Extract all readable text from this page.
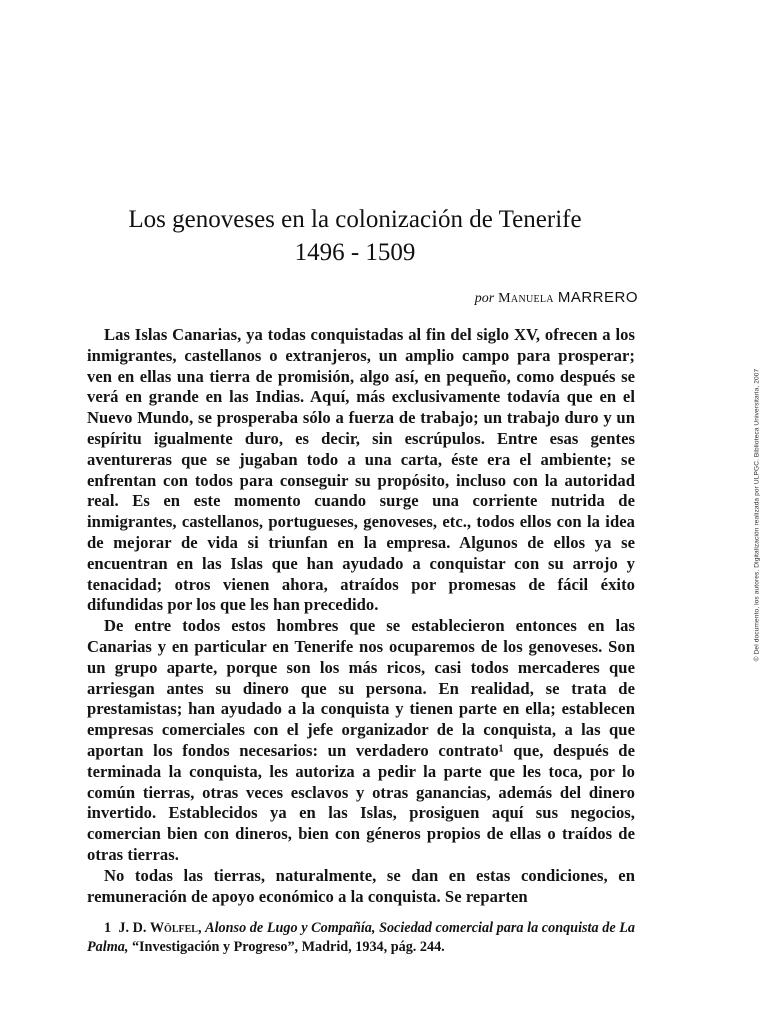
Los genoveses en la colonización de Tenerife
1496 - 1509
por Manuela MARRERO

Las Islas Canarias, ya todas conquistadas al fin del siglo XV, ofrecen a los inmigrantes, castellanos o extranjeros, un amplio campo para prosperar; ven en ellas una tierra de promisión, algo así, en pequeño, como después se verá en grande en las Indias. Aquí, más exclusivamente todavía que en el Nuevo Mundo, se prosperaba sólo a fuerza de trabajo; un trabajo duro y un espíritu igualmente duro, es decir, sin escrúpulos. Entre esas gentes aventureras que se jugaban todo a una carta, éste era el ambiente; se enfrentan con todos para conseguir su propósito, incluso con la autoridad real. Es en este momento cuando surge una corriente nutrida de inmigrantes, castellanos, portugueses, genoveses, etc., todos ellos con la idea de mejorar de vida si triunfan en la empresa. Algunos de ellos ya se encuentran en las Islas que han ayudado a conquistar con su arrojo y tenacidad; otros vienen ahora, atraídos por promesas de fácil éxito difundidas por los que les han precedido.

De entre todos estos hombres que se establecieron entonces en las Canarias y en particular en Tenerife nos ocuparemos de los genoveses. Son un grupo aparte, porque son los más ricos, casi todos mercaderes que arriesgan antes su dinero que su persona. En realidad, se trata de prestamistas; han ayudado a la conquista y tienen parte en ella; establecen empresas comerciales con el jefe organizador de la conquista, a las que aportan los fondos necesarios: un verdadero contrato¹ que, después de terminada la conquista, les autoriza a pedir la parte que les toca, por lo común tierras, otras veces esclavos y otras ganancias, además del dinero invertido. Establecidos ya en las Islas, prosiguen aquí sus negocios, comercian bien con dineros, bien con géneros propios de ellas o traídos de otras tierras.

No todas las tierras, naturalmente, se dan en estas condiciones, en remuneración de apoyo económico a la conquista. Se reparten

1 J. D. Wölfel, Alonso de Lugo y Compañía, Sociedad comercial para la conquista de La Palma, “Investigación y Progreso”, Madrid, 1934, pág. 244.

© Del documento, los autores. Digitalización realizada por ULPGC. Biblioteca Universitaria, 2007
